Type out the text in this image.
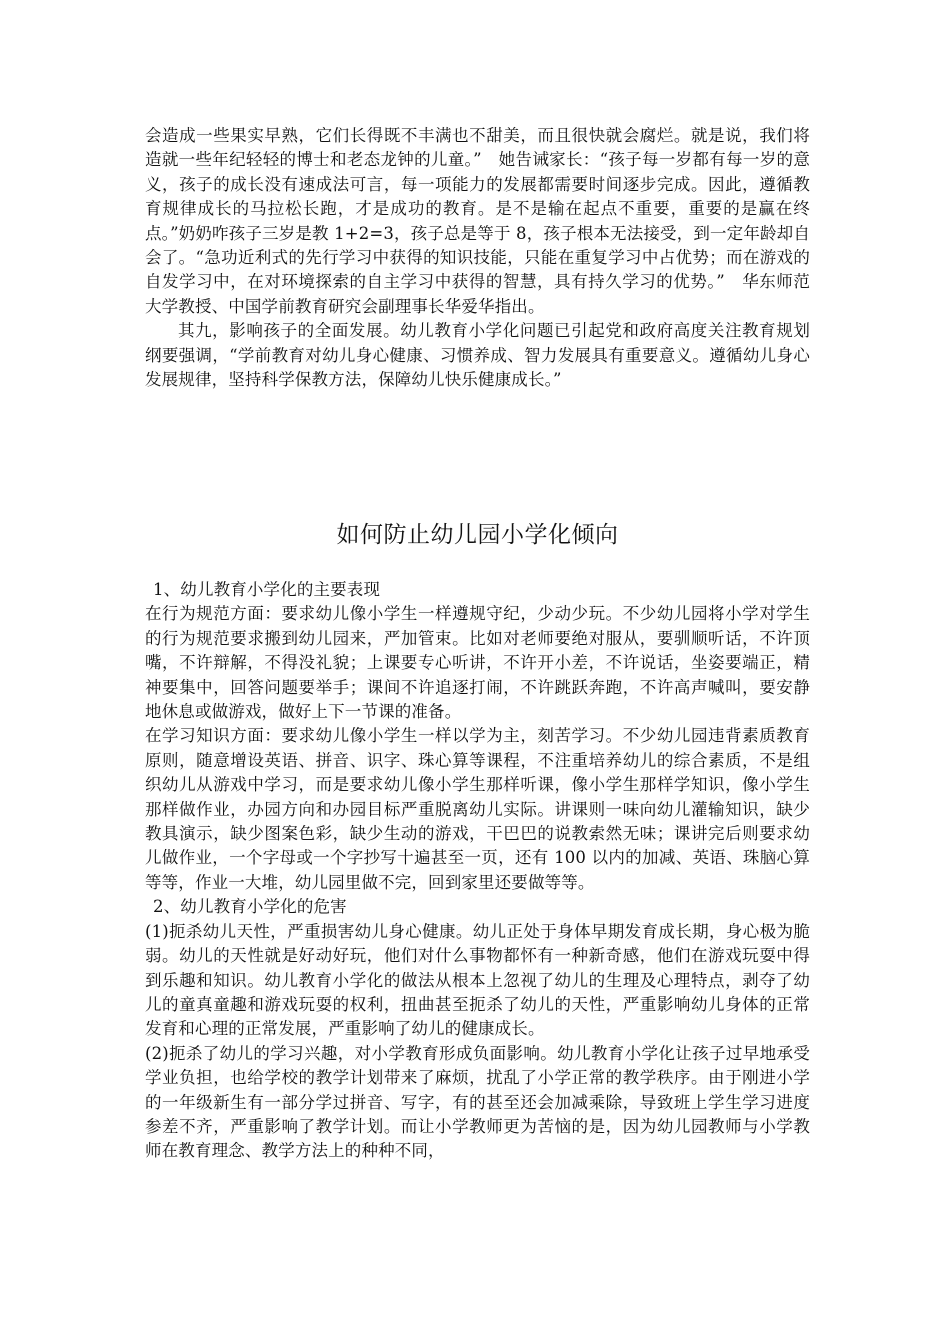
会造成一些果实早熟，它们长得既不丰满也不甜美，而且很快就会腐烂。就是说，我们将造就一些年纪轻轻的博士和老态龙钟的儿童。”　她告诫家长：“孩子每一岁都有每一岁的意义，孩子的成长没有速成法可言，每一项能力的发展都需要时间逐步完成。因此，遵循教育规律成长的马拉松长跑，才是成功的教育。是不是输在起点不重要，重要的是赢在终点。”奶奶咋孩子三岁是教 1+2=3，孩子总是等于 8，孩子根本无法接受，到一定年龄却自会了。“急功近利式的先行学习中获得的知识技能，只能在重复学习中占优势；而在游戏的自发学习中，在对环境探索的自主学习中获得的智慧，具有持久学习的优势。”　华东师范大学教授、中国学前教育研究会副理事长华爱华指出。

其九，影响孩子的全面发展。幼儿教育小学化问题已引起党和政府高度关注教育规划纲要强调，“学前教育对幼儿身心健康、习惯养成、智力发展具有重要意义。遵循幼儿身心发展规律，坚持科学保教方法，保障幼儿快乐健康成长。”

如何防止幼儿园小学化倾向

1、幼儿教育小学化的主要表现

在行为规范方面：要求幼儿像小学生一样遵规守纪，少动少玩。不少幼儿园将小学对学生的行为规范要求搬到幼儿园来，严加管束。比如对老师要绝对服从，要驯顺听话，不许顶嘴，不许辩解，不得没礼貌；上课要专心听讲，不许开小差，不许说话，坐姿要端正，精神要集中，回答问题要举手；课间不许追逐打闹，不许跳跃奔跑，不许高声喊叫，要安静地休息或做游戏，做好上下一节课的准备。

在学习知识方面：要求幼儿像小学生一样以学为主，刻苦学习。不少幼儿园违背素质教育原则，随意增设英语、拼音、识字、珠心算等课程，不注重培养幼儿的综合素质，不是组织幼儿从游戏中学习，而是要求幼儿像小学生那样听课，像小学生那样学知识，像小学生那样做作业，办园方向和办园目标严重脱离幼儿实际。讲课则一味向幼儿灌输知识，缺少教具演示，缺少图案色彩，缺少生动的游戏，干巴巴的说教索然无味；课讲完后则要求幼儿做作业，一个字母或一个字抄写十遍甚至一页，还有 100 以内的加减、英语、珠脑心算等等，作业一大堆，幼儿园里做不完，回到家里还要做等等。

2、幼儿教育小学化的危害

(1)扼杀幼儿天性，严重损害幼儿身心健康。幼儿正处于身体早期发育成长期，身心极为脆弱。幼儿的天性就是好动好玩，他们对什么事物都怀有一种新奇感，他们在游戏玩耍中得到乐趣和知识。幼儿教育小学化的做法从根本上忽视了幼儿的生理及心理特点，剥夺了幼儿的童真童趣和游戏玩耍的权利，扭曲甚至扼杀了幼儿的天性，严重影响幼儿身体的正常发育和心理的正常发展，严重影响了幼儿的健康成长。

(2)扼杀了幼儿的学习兴趣，对小学教育形成负面影响。幼儿教育小学化让孩子过早地承受学业负担，也给学校的教学计划带来了麻烦，扰乱了小学正常的教学秩序。由于刚进小学的一年级新生有一部分学过拼音、写字，有的甚至还会加减乘除，导致班上学生学习进度参差不齐，严重影响了教学计划。而让小学教师更为苦恼的是，因为幼儿园教师与小学教师在教育理念、教学方法上的种种不同，
